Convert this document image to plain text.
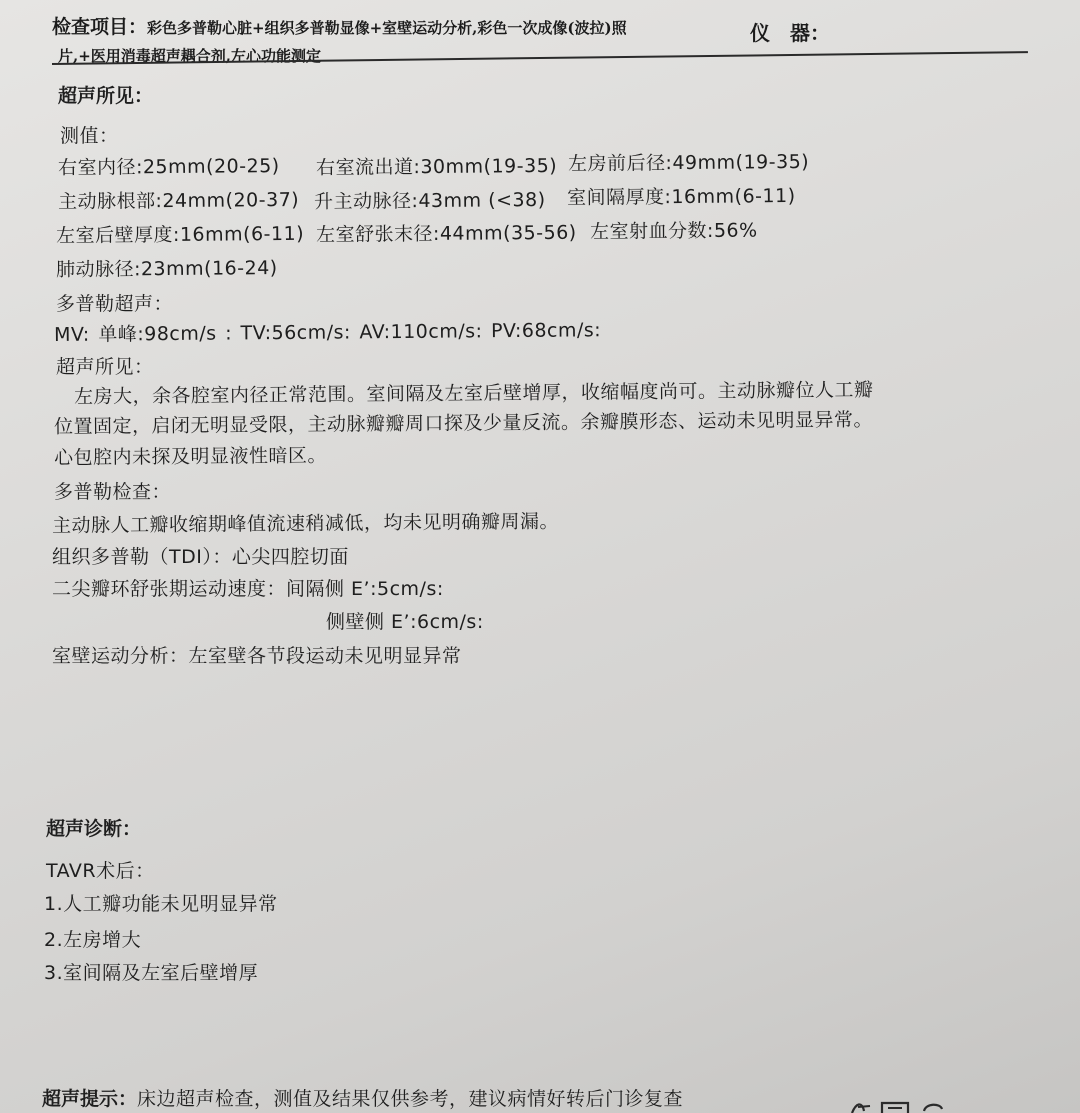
检查项目：彩色多普勒心脏+组织多普勒显像+室壁运动分析,彩色一次成像(波拉)照
片,+医用消毒超声耦合剂,左心功能测定
仪　器：
超声所见：
测值：
右室内径:25mm(20-25) 右室流出道:30mm(19-35) 左房前后径:49mm(19-35)
主动脉根部:24mm(20-37) 升主动脉径:43mm (<38) 室间隔厚度:16mm(6-11)
左室后壁厚度:16mm(6-11) 左室舒张末径:44mm(35-56) 左室射血分数:56%
肺动脉径:23mm(16-24)
多普勒超声：
MV: 单峰:98cm/s : TV:56cm/s: AV:110cm/s: PV:68cm/s:
超声所见：
左房大，余各腔室内径正常范围。室间隔及左室后壁增厚，收缩幅度尚可。主动脉瓣位人工瓣
位置固定，启闭无明显受限，主动脉瓣瓣周口探及少量反流。余瓣膜形态、运动未见明显异常。
心包腔内未探及明显液性暗区。
多普勒检查：
主动脉人工瓣收缩期峰值流速稍减低，均未见明确瓣周漏。
组织多普勒（TDI）：心尖四腔切面
二尖瓣环舒张期运动速度：间隔侧 E’:5cm/s:
侧壁侧 E’:6cm/s:
室壁运动分析：左室壁各节段运动未见明显异常
超声诊断：
TAVR术后：
1.人工瓣功能未见明显异常
2.左房增大
3.室间隔及左室后壁增厚
超声提示：床边超声检查，测值及结果仅供参考，建议病情好转后门诊复查
